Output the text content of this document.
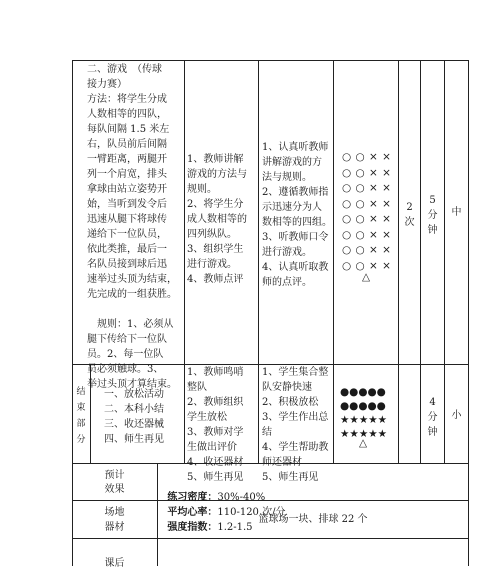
二、游戏　（传球
接力赛）
方法：将学生分成
人数相等的四队，
每队间隔 1.5 米左
右，队员前后间隔
一臂距离，两腿开
列一个肩宽，排头
拿球由站立姿势开
始，当听到发令后
迅速从腿下将球传
递给下一位队员，
依此类推，最后一
名队员接到球后迅
速举过头顶为结束，
先完成的一组获胜。

　规则：1、必须从
腿下传给下一位队
员。2、每一位队
员必须触球。3、
举过头顶才算结束。
1、教师讲解
游戏的方法与
规则。
2、将学生分
成人数相等的
四列纵队。
3、组织学生
进行游戏。
4、教师点评
1、认真听教师
讲解游戏的方
法与规则。
2、遵循教师指
示迅速分为人
数相等的四组。
3、听教师口令
进行游戏。
4、认真听取教
师的点评。
○ ○ × ×
○ ○ × ×
○ ○ × ×
○ ○ × ×
○ ○ × ×
○ ○ × ×
○ ○ × ×
○ ○ × ×
△
2
次
5
分
钟
中
结
束
部
分
一、放松活动
二、本科小结
三、收还器械
四、师生再见
1、教师鸣哨
整队
2、教师组织
学生放松
3、教师对学
生做出评价
4、收还器材
5、师生再见
1、学生集合整
队安静快速
2、积极放松
3、学生作出总
结
4、学生帮助教
师还器材
5、师生再见
●●●●●
●●●●●
★★★★★
★★★★★
△
4
分
钟
小
预计
效果

练习密度：30%-40%
平均心率：110-120 次/分
强度指数：1.2-1.5

场地
器材
篮球场一块、排球 22 个
课后
